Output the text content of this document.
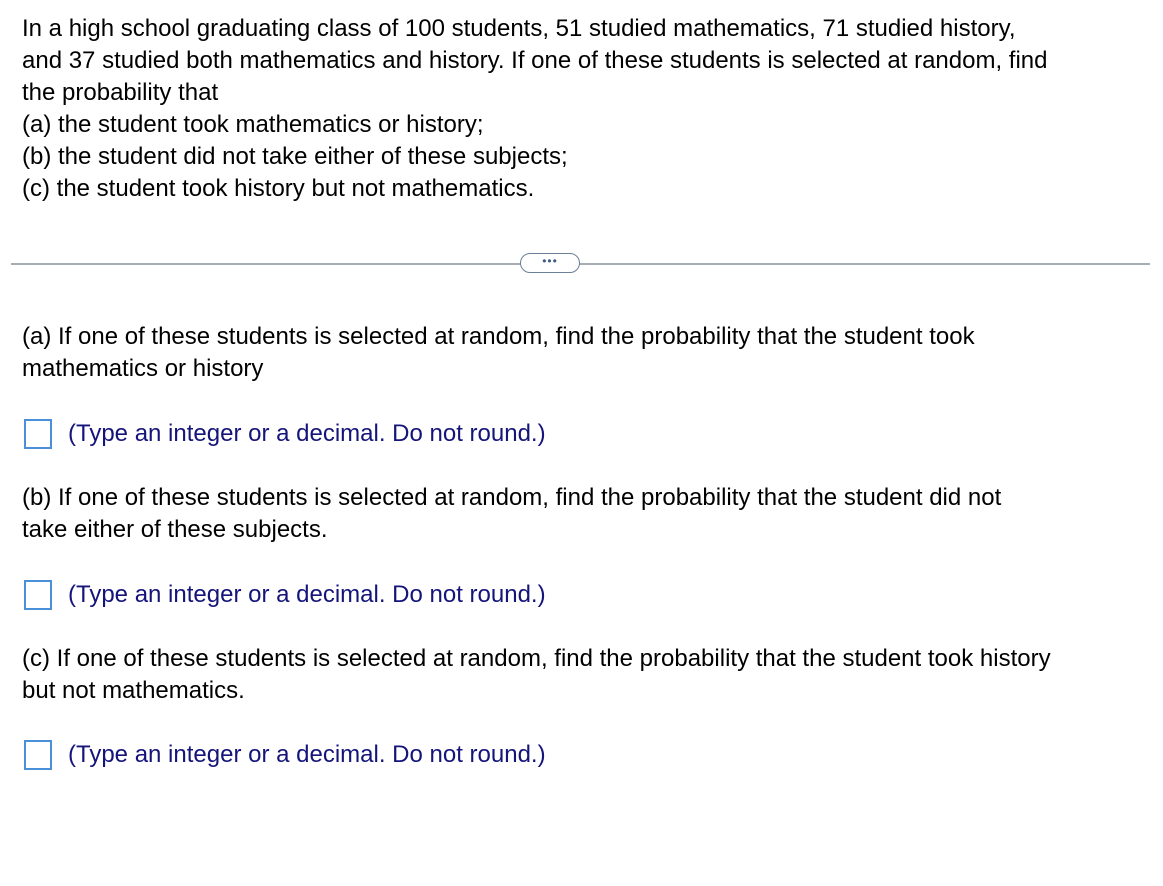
In a high school graduating class of 100 students, 51 studied mathematics, 71 studied history,

and 37 studied both mathematics and history. If one of these students is selected at random, find

the probability that

(a) the student took mathematics or history;

(b) the student did not take either of these subjects;

(c) the student took history but not mathematics.

•••
(a) If one of these students is selected at random, find the probability that the student took
mathematics or history
(Type an integer or a decimal. Do not round.)
(b) If one of these students is selected at random, find the probability that the student did not
take either of these subjects.
(Type an integer or a decimal. Do not round.)
(c) If one of these students is selected at random, find the probability that the student took history
but not mathematics.
(Type an integer or a decimal. Do not round.)
